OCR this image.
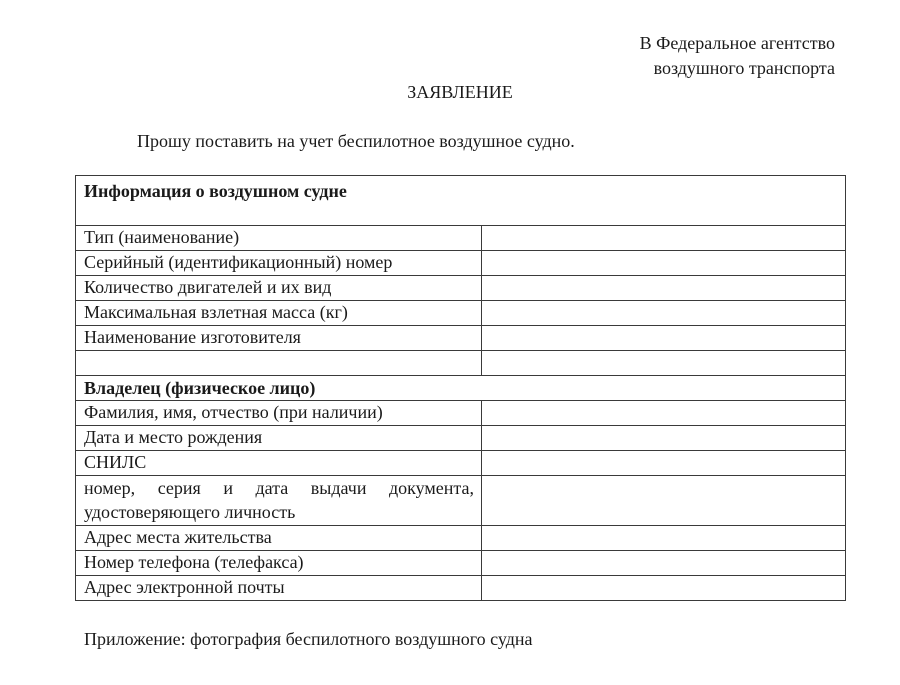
В Федеральное агентство
воздушного транспорта
ЗАЯВЛЕНИЕ
Прошу поставить на учет беспилотное воздушное судно.
Информация о воздушном судне	
Тип (наименование)	
Серийный (идентификационный) номер	
Количество двигателей и их вид	
Максимальная взлетная масса (кг)	
Наименование изготовителя	

Владелец (физическое лицо)	
Фамилия, имя, отчество (при наличии)	
Дата и место рождения	
СНИЛС	
номер, серия и дата выдачи документа, удостоверяющего личность	
Адрес места жительства	
Номер телефона (телефакса)	
Адрес электронной почты	
Приложение: фотография беспилотного воздушного судна
